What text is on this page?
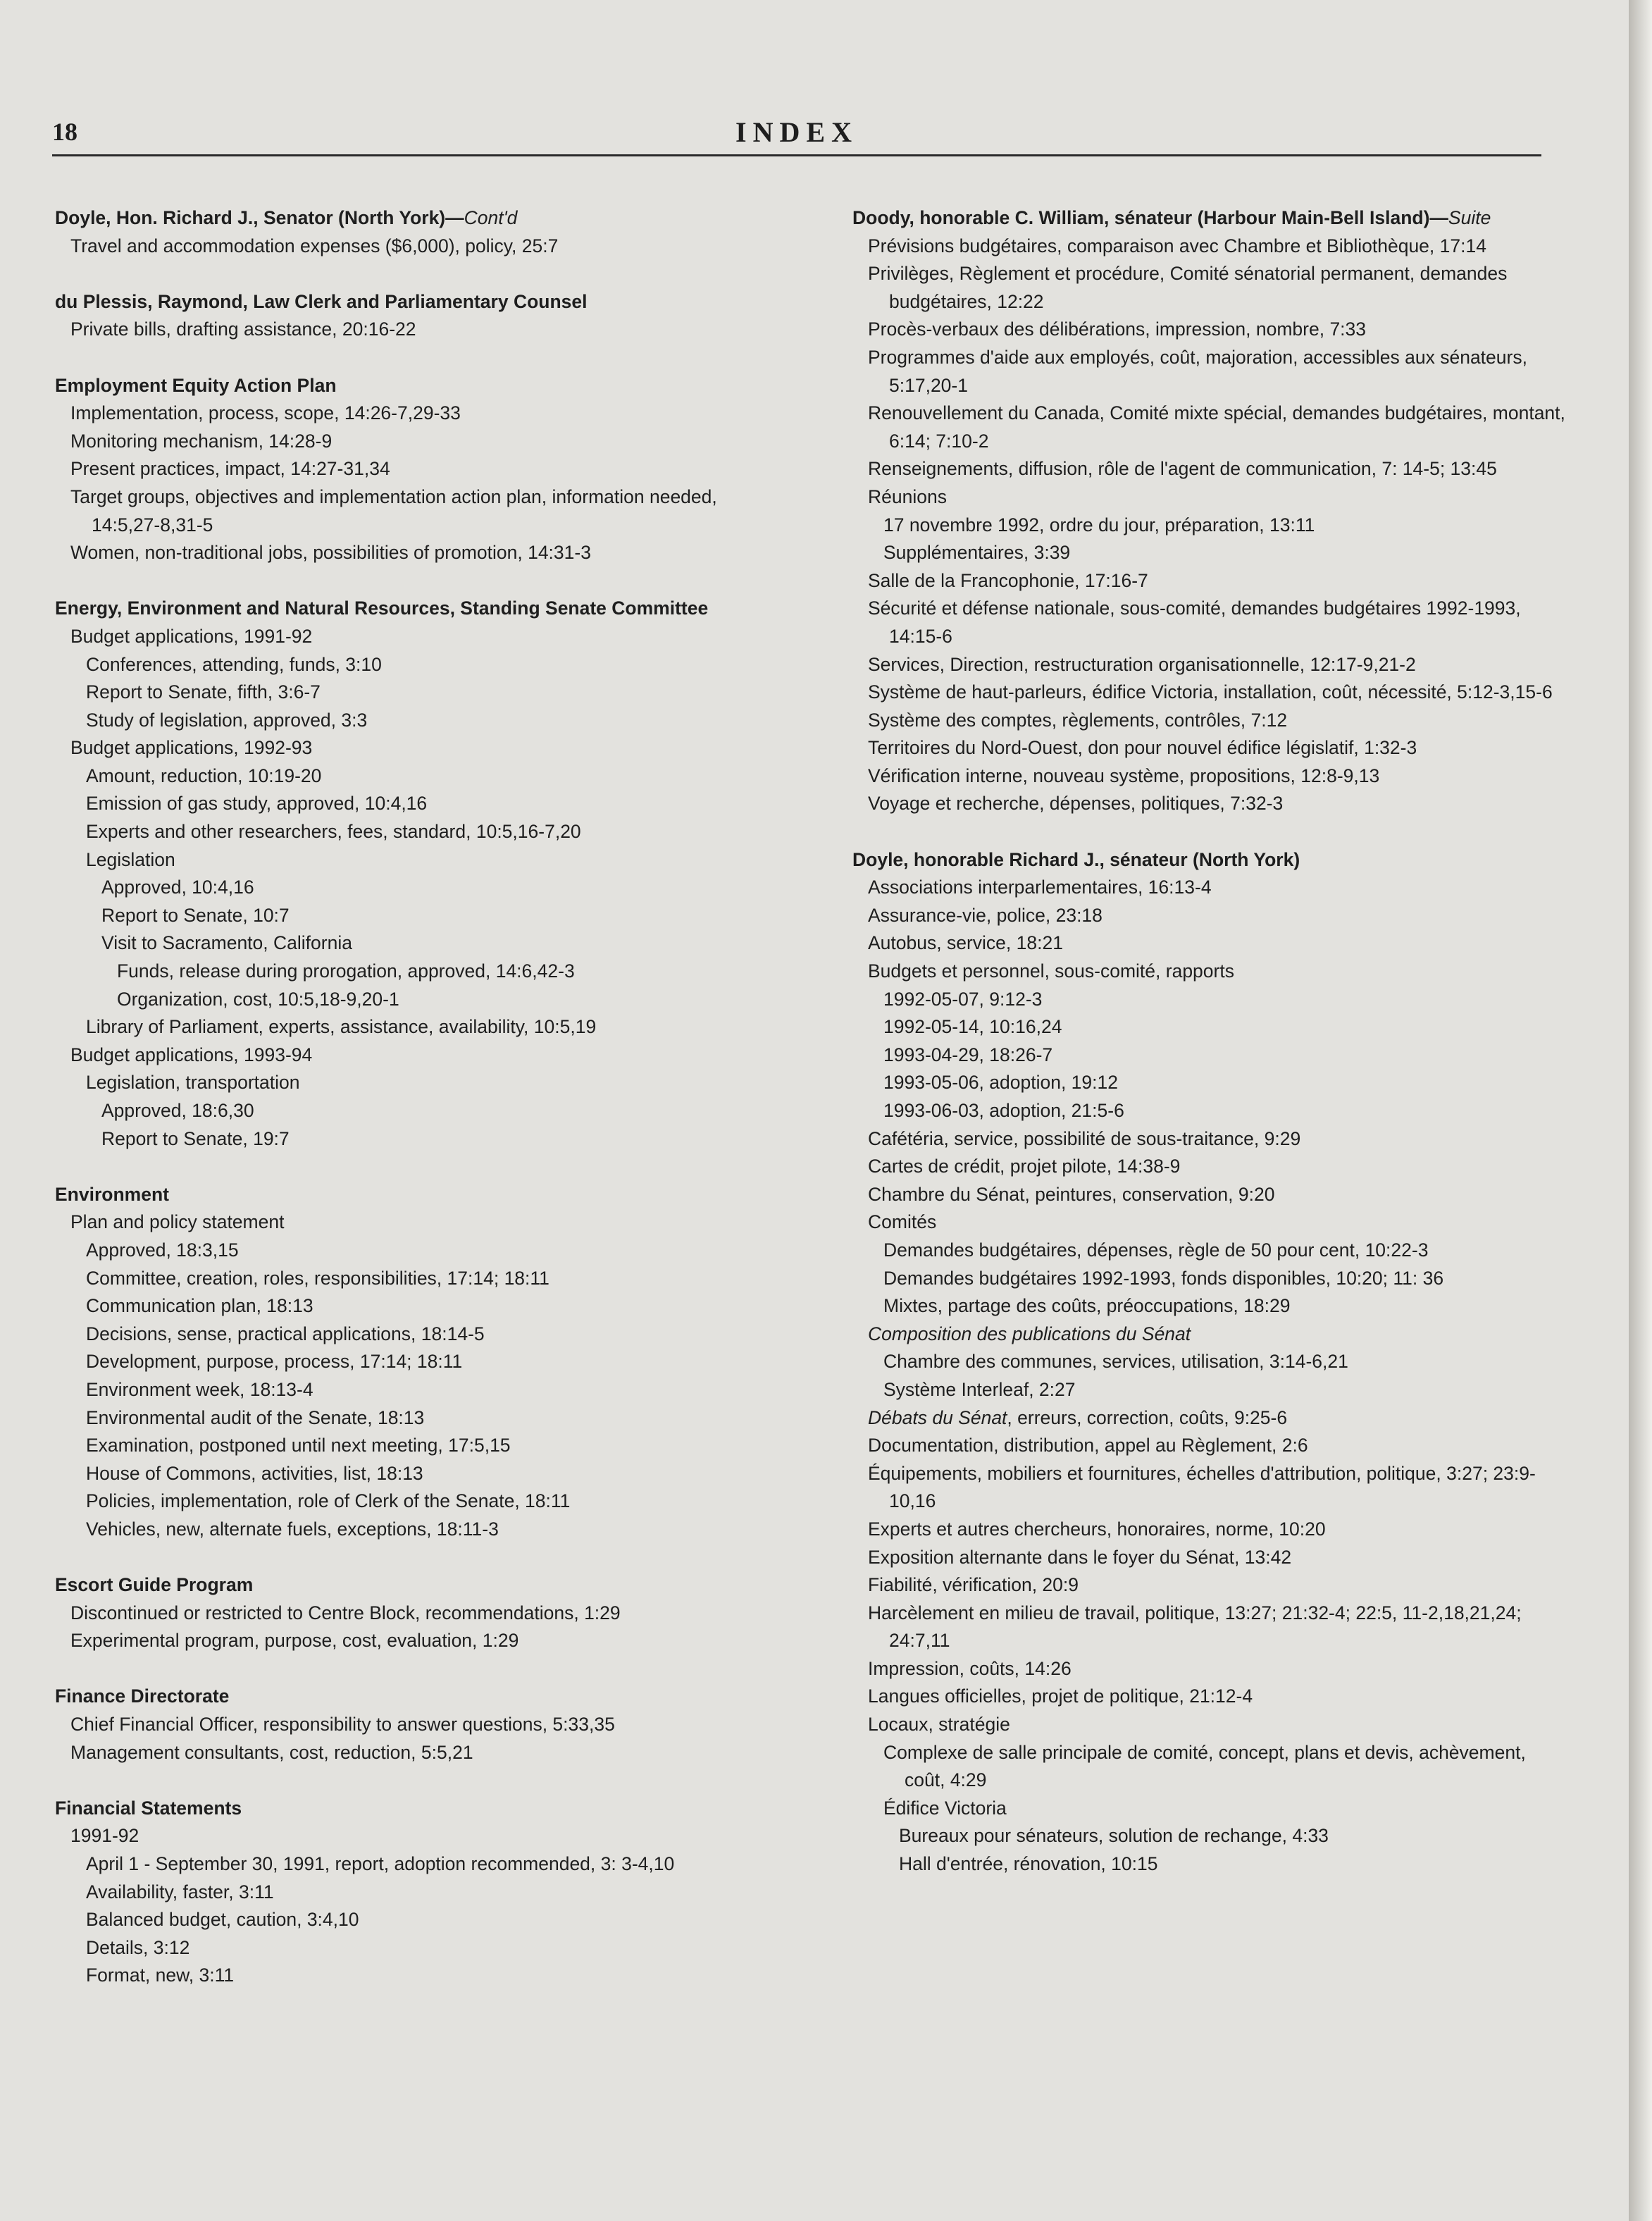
18	INDEX
Doyle, Hon. Richard J., Senator (North York)—Cont'd
Travel and accommodation expenses ($6,000), policy, 25:7
du Plessis, Raymond, Law Clerk and Parliamentary Counsel
Private bills, drafting assistance, 20:16-22
Employment Equity Action Plan
Implementation, process, scope, 14:26-7,29-33
Monitoring mechanism, 14:28-9
Present practices, impact, 14:27-31,34
Target groups, objectives and implementation action plan, information needed, 14:5,27-8,31-5
Women, non-traditional jobs, possibilities of promotion, 14:31-3
Energy, Environment and Natural Resources, Standing Senate Committee
Budget applications, 1991-92
Conferences, attending, funds, 3:10
Report to Senate, fifth, 3:6-7
Study of legislation, approved, 3:3
Budget applications, 1992-93
Amount, reduction, 10:19-20
Emission of gas study, approved, 10:4,16
Experts and other researchers, fees, standard, 10:5,16-7,20
Legislation
Approved, 10:4,16
Report to Senate, 10:7
Visit to Sacramento, California
Funds, release during prorogation, approved, 14:6,42-3
Organization, cost, 10:5,18-9,20-1
Library of Parliament, experts, assistance, availability, 10:5,19
Budget applications, 1993-94
Legislation, transportation
Approved, 18:6,30
Report to Senate, 19:7
Environment
Plan and policy statement
Approved, 18:3,15
Committee, creation, roles, responsibilities, 17:14; 18:11
Communication plan, 18:13
Decisions, sense, practical applications, 18:14-5
Development, purpose, process, 17:14; 18:11
Environment week, 18:13-4
Environmental audit of the Senate, 18:13
Examination, postponed until next meeting, 17:5,15
House of Commons, activities, list, 18:13
Policies, implementation, role of Clerk of the Senate, 18:11
Vehicles, new, alternate fuels, exceptions, 18:11-3
Escort Guide Program
Discontinued or restricted to Centre Block, recommendations, 1:29
Experimental program, purpose, cost, evaluation, 1:29
Finance Directorate
Chief Financial Officer, responsibility to answer questions, 5:33,35
Management consultants, cost, reduction, 5:5,21
Financial Statements
1991-92
April 1 - September 30, 1991, report, adoption recommended, 3: 3-4,10
Availability, faster, 3:11
Balanced budget, caution, 3:4,10
Details, 3:12
Format, new, 3:11
Doody, honorable C. William, sénateur (Harbour Main-Bell Island)—Suite
Prévisions budgétaires, comparaison avec Chambre et Bibliothèque, 17:14
Privilèges, Règlement et procédure, Comité sénatorial permanent, demandes budgétaires, 12:22
Procès-verbaux des délibérations, impression, nombre, 7:33
Programmes d'aide aux employés, coût, majoration, accessibles aux sénateurs, 5:17,20-1
Renouvellement du Canada, Comité mixte spécial, demandes budgétaires, montant, 6:14; 7:10-2
Renseignements, diffusion, rôle de l'agent de communication, 7: 14-5; 13:45
Réunions
17 novembre 1992, ordre du jour, préparation, 13:11
Supplémentaires, 3:39
Salle de la Francophonie, 17:16-7
Sécurité et défense nationale, sous-comité, demandes budgétaires 1992-1993, 14:15-6
Services, Direction, restructuration organisationnelle, 12:17-9,21-2
Système de haut-parleurs, édifice Victoria, installation, coût, nécessité, 5:12-3,15-6
Système des comptes, règlements, contrôles, 7:12
Territoires du Nord-Ouest, don pour nouvel édifice législatif, 1:32-3
Vérification interne, nouveau système, propositions, 12:8-9,13
Voyage et recherche, dépenses, politiques, 7:32-3
Doyle, honorable Richard J., sénateur (North York)
Associations interparlementaires, 16:13-4
Assurance-vie, police, 23:18
Autobus, service, 18:21
Budgets et personnel, sous-comité, rapports
1992-05-07, 9:12-3
1992-05-14, 10:16,24
1993-04-29, 18:26-7
1993-05-06, adoption, 19:12
1993-06-03, adoption, 21:5-6
Cafétéria, service, possibilité de sous-traitance, 9:29
Cartes de crédit, projet pilote, 14:38-9
Chambre du Sénat, peintures, conservation, 9:20
Comités
Demandes budgétaires, dépenses, règle de 50 pour cent, 10:22-3
Demandes budgétaires 1992-1993, fonds disponibles, 10:20; 11: 36
Mixtes, partage des coûts, préoccupations, 18:29
Composition des publications du Sénat
Chambre des communes, services, utilisation, 3:14-6,21
Système Interleaf, 2:27
Débats du Sénat, erreurs, correction, coûts, 9:25-6
Documentation, distribution, appel au Règlement, 2:6
Équipements, mobiliers et fournitures, échelles d'attribution, politique, 3:27; 23:9-10,16
Experts et autres chercheurs, honoraires, norme, 10:20
Exposition alternante dans le foyer du Sénat, 13:42
Fiabilité, vérification, 20:9
Harcèlement en milieu de travail, politique, 13:27; 21:32-4; 22:5, 11-2,18,21,24; 24:7,11
Impression, coûts, 14:26
Langues officielles, projet de politique, 21:12-4
Locaux, stratégie
Complexe de salle principale de comité, concept, plans et devis, achèvement, coût, 4:29
Édifice Victoria
Bureaux pour sénateurs, solution de rechange, 4:33
Hall d'entrée, rénovation, 10:15
